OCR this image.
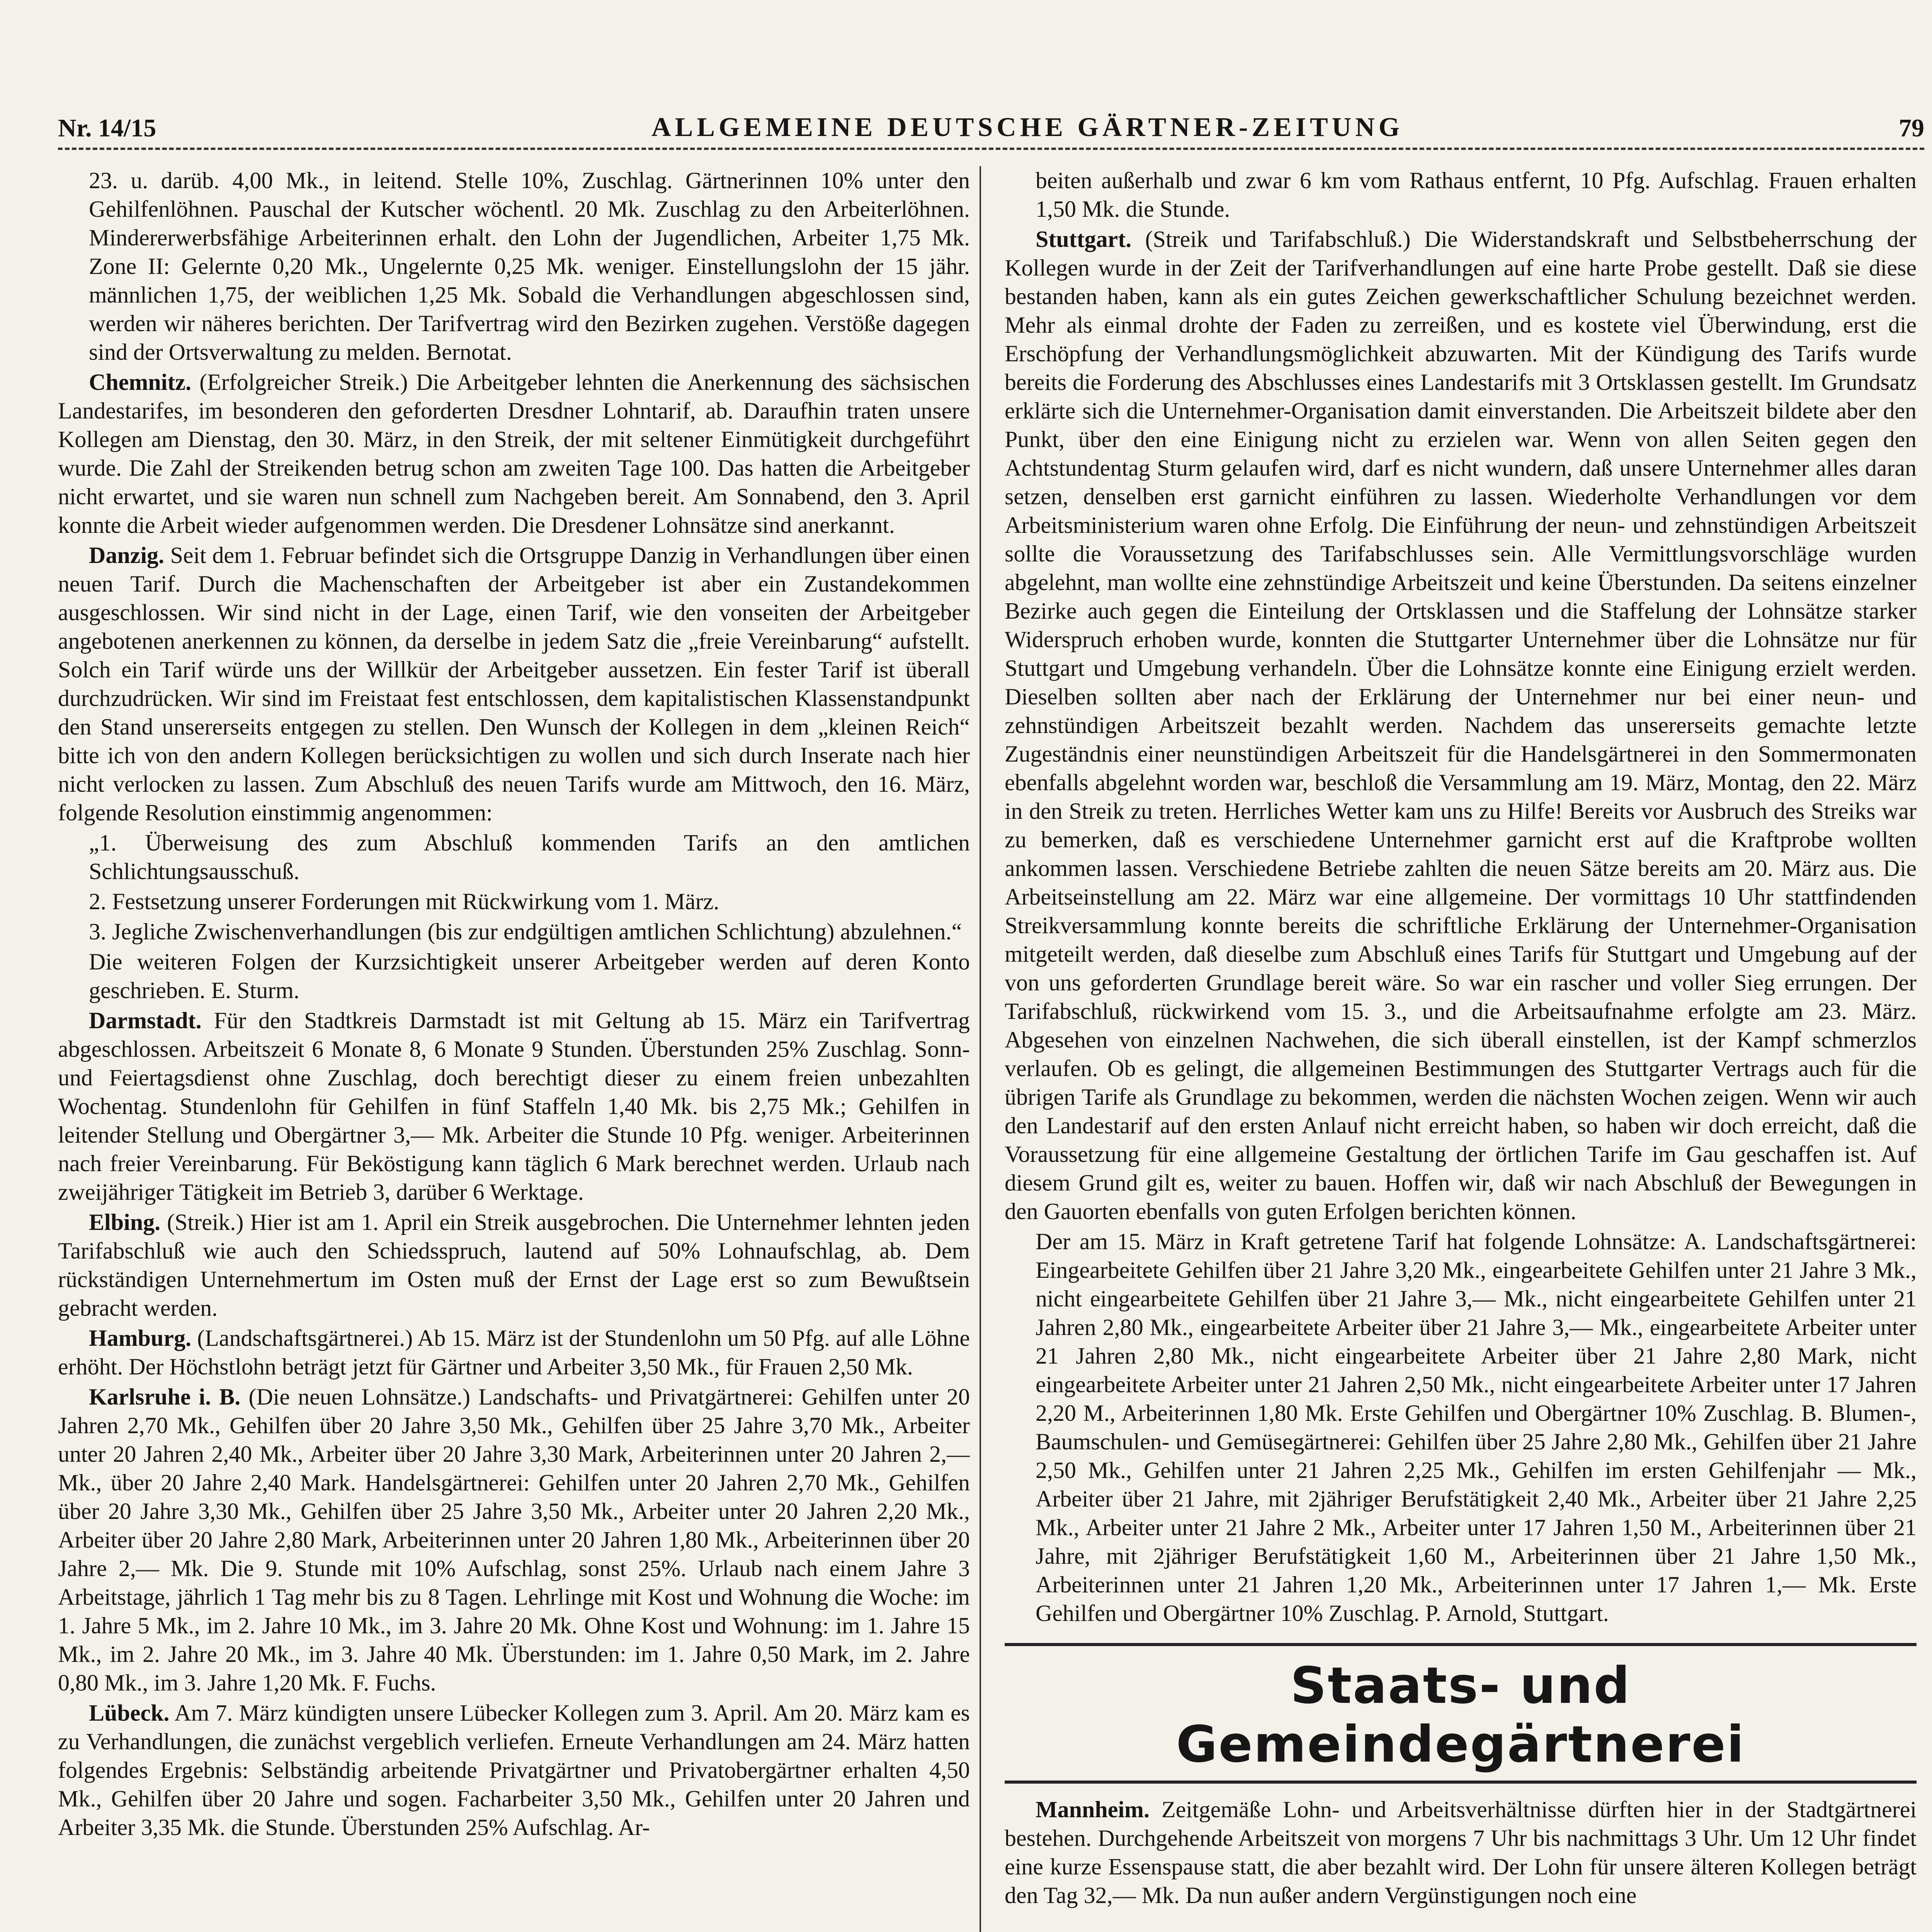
Nr. 14/15	ALLGEMEINE DEUTSCHE GÄRTNER-ZEITUNG	79

23. u. darüb. 4,00 Mk., in leitend. Stelle 10%, Zuschlag. Gärtnerinnen 10% unter den Gehilfenlöhnen. Pauschal der Kutscher wöchentl. 20 Mk. Zuschlag zu den Arbeiterlöhnen. Mindererwerbsfähige Arbeiterinnen erhalt. den Lohn der Jugendlichen, Arbeiter 1,75 Mk. Zone II: Gelernte 0,20 Mk., Ungelernte 0,25 Mk. weniger. Einstellungslohn der 15 jähr. männlichen 1,75, der weiblichen 1,25 Mk. Sobald die Verhandlungen abgeschlossen sind, werden wir näheres berichten. Der Tarifvertrag wird den Bezirken zugehen. Verstöße dagegen sind der Ortsverwaltung zu melden. Bernotat.

Chemnitz. (Erfolgreicher Streik.) Die Arbeitgeber lehnten die Anerkennung des sächsischen Landestarifes, im besonderen den geforderten Dresdner Lohntarif, ab. Daraufhin traten unsere Kollegen am Dienstag, den 30. März, in den Streik, der mit seltener Einmütigkeit durchgeführt wurde. Die Zahl der Streikenden betrug schon am zweiten Tage 100. Das hatten die Arbeitgeber nicht erwartet, und sie waren nun schnell zum Nachgeben bereit. Am Sonnabend, den 3. April konnte die Arbeit wieder aufgenommen werden. Die Dresdener Lohnsätze sind anerkannt.

Danzig. Seit dem 1. Februar befindet sich die Ortsgruppe Danzig in Verhandlungen über einen neuen Tarif. Durch die Machenschaften der Arbeitgeber ist aber ein Zustandekommen ausgeschlossen. Wir sind nicht in der Lage, einen Tarif, wie den vonseiten der Arbeitgeber angebotenen anerkennen zu können, da derselbe in jedem Satz die „freie Vereinbarung“ aufstellt. Solch ein Tarif würde uns der Willkür der Arbeitgeber aussetzen. Ein fester Tarif ist überall durchzudrücken. Wir sind im Freistaat fest entschlossen, dem kapitalistischen Klassenstandpunkt den Stand unsererseits entgegen zu stellen. Den Wunsch der Kollegen in dem „kleinen Reich“ bitte ich von den andern Kollegen berücksichtigen zu wollen und sich durch Inserate nach hier nicht verlocken zu lassen. Zum Abschluß des neuen Tarifs wurde am Mittwoch, den 16. März, folgende Resolution einstimmig angenommen:

„1. Überweisung des zum Abschluß kommenden Tarifs an den amtlichen Schlichtungsausschuß.

2. Festsetzung unserer Forderungen mit Rückwirkung vom 1. März.

3. Jegliche Zwischenverhandlungen (bis zur endgültigen amtlichen Schlichtung) abzulehnen.“

Die weiteren Folgen der Kurzsichtigkeit unserer Arbeitgeber werden auf deren Konto geschrieben. E. Sturm.

Darmstadt. Für den Stadtkreis Darmstadt ist mit Geltung ab 15. März ein Tarifvertrag abgeschlossen. Arbeitszeit 6 Monate 8, 6 Monate 9 Stunden. Überstunden 25% Zuschlag. Sonn- und Feiertagsdienst ohne Zuschlag, doch berechtigt dieser zu einem freien unbezahlten Wochentag. Stundenlohn für Gehilfen in fünf Staffeln 1,40 Mk. bis 2,75 Mk.; Gehilfen in leitender Stellung und Obergärtner 3,— Mk. Arbeiter die Stunde 10 Pfg. weniger. Arbeiterinnen nach freier Vereinbarung. Für Beköstigung kann täglich 6 Mark berechnet werden. Urlaub nach zweijähriger Tätigkeit im Betrieb 3, darüber 6 Werktage.

Elbing. (Streik.) Hier ist am 1. April ein Streik ausgebrochen. Die Unternehmer lehnten jeden Tarifabschluß wie auch den Schiedsspruch, lautend auf 50% Lohnaufschlag, ab. Dem rückständigen Unternehmertum im Osten muß der Ernst der Lage erst so zum Bewußtsein gebracht werden.

Hamburg. (Landschaftsgärtnerei.) Ab 15. März ist der Stundenlohn um 50 Pfg. auf alle Löhne erhöht. Der Höchstlohn beträgt jetzt für Gärtner und Arbeiter 3,50 Mk., für Frauen 2,50 Mk.

Karlsruhe i. B. (Die neuen Lohnsätze.) Landschafts- und Privatgärtnerei: Gehilfen unter 20 Jahren 2,70 Mk., Gehilfen über 20 Jahre 3,50 Mk., Gehilfen über 25 Jahre 3,70 Mk., Arbeiter unter 20 Jahren 2,40 Mk., Arbeiter über 20 Jahre 3,30 Mark, Arbeiterinnen unter 20 Jahren 2,— Mk., über 20 Jahre 2,40 Mark. Handelsgärtnerei: Gehilfen unter 20 Jahren 2,70 Mk., Gehilfen über 20 Jahre 3,30 Mk., Gehilfen über 25 Jahre 3,50 Mk., Arbeiter unter 20 Jahren 2,20 Mk., Arbeiter über 20 Jahre 2,80 Mark, Arbeiterinnen unter 20 Jahren 1,80 Mk., Arbeiterinnen über 20 Jahre 2,— Mk. Die 9. Stunde mit 10% Aufschlag, sonst 25%. Urlaub nach einem Jahre 3 Arbeitstage, jährlich 1 Tag mehr bis zu 8 Tagen. Lehrlinge mit Kost und Wohnung die Woche: im 1. Jahre 5 Mk., im 2. Jahre 10 Mk., im 3. Jahre 20 Mk. Ohne Kost und Wohnung: im 1. Jahre 15 Mk., im 2. Jahre 20 Mk., im 3. Jahre 40 Mk. Überstunden: im 1. Jahre 0,50 Mark, im 2. Jahre 0,80 Mk., im 3. Jahre 1,20 Mk. F. Fuchs.

Lübeck. Am 7. März kündigten unsere Lübecker Kollegen zum 3. April. Am 20. März kam es zu Verhandlungen, die zunächst vergeblich verliefen. Erneute Verhandlungen am 24. März hatten folgendes Ergebnis: Selbständig arbeitende Privatgärtner und Privatobergärtner erhalten 4,50 Mk., Gehilfen über 20 Jahre und sogen. Facharbeiter 3,50 Mk., Gehilfen unter 20 Jahren und Arbeiter 3,35 Mk. die Stunde. Überstunden 25% Aufschlag. Ar-

beiten außerhalb und zwar 6 km vom Rathaus entfernt, 10 Pfg. Aufschlag. Frauen erhalten 1,50 Mk. die Stunde.

Stuttgart. (Streik und Tarifabschluß.) Die Widerstandskraft und Selbstbeherrschung der Kollegen wurde in der Zeit der Tarifverhandlungen auf eine harte Probe gestellt. Daß sie diese bestanden haben, kann als ein gutes Zeichen gewerkschaftlicher Schulung bezeichnet werden. Mehr als einmal drohte der Faden zu zerreißen, und es kostete viel Überwindung, erst die Erschöpfung der Verhandlungsmöglichkeit abzuwarten. Mit der Kündigung des Tarifs wurde bereits die Forderung des Abschlusses eines Landestarifs mit 3 Ortsklassen gestellt. Im Grundsatz erklärte sich die Unternehmer-Organisation damit einverstanden. Die Arbeitszeit bildete aber den Punkt, über den eine Einigung nicht zu erzielen war. Wenn von allen Seiten gegen den Achtstundentag Sturm gelaufen wird, darf es nicht wundern, daß unsere Unternehmer alles daran setzen, denselben erst garnicht einführen zu lassen. Wiederholte Verhandlungen vor dem Arbeitsministerium waren ohne Erfolg. Die Einführung der neun- und zehnstündigen Arbeitszeit sollte die Voraussetzung des Tarifabschlusses sein. Alle Vermittlungsvorschläge wurden abgelehnt, man wollte eine zehnstündige Arbeitszeit und keine Überstunden. Da seitens einzelner Bezirke auch gegen die Einteilung der Ortsklassen und die Staffelung der Lohnsätze starker Widerspruch erhoben wurde, konnten die Stuttgarter Unternehmer über die Lohnsätze nur für Stuttgart und Umgebung verhandeln. Über die Lohnsätze konnte eine Einigung erzielt werden. Dieselben sollten aber nach der Erklärung der Unternehmer nur bei einer neun- und zehnstündigen Arbeitszeit bezahlt werden. Nachdem das unsererseits gemachte letzte Zugeständnis einer neunstündigen Arbeitszeit für die Handelsgärtnerei in den Sommermonaten ebenfalls abgelehnt worden war, beschloß die Versammlung am 19. März, Montag, den 22. März in den Streik zu treten. Herrliches Wetter kam uns zu Hilfe! Bereits vor Ausbruch des Streiks war zu bemerken, daß es verschiedene Unternehmer garnicht erst auf die Kraftprobe wollten ankommen lassen. Verschiedene Betriebe zahlten die neuen Sätze bereits am 20. März aus. Die Arbeitseinstellung am 22. März war eine allgemeine. Der vormittags 10 Uhr stattfindenden Streikversammlung konnte bereits die schriftliche Erklärung der Unternehmer-Organisation mitgeteilt werden, daß dieselbe zum Abschluß eines Tarifs für Stuttgart und Umgebung auf der von uns geforderten Grundlage bereit wäre. So war ein rascher und voller Sieg errungen. Der Tarifabschluß, rückwirkend vom 15. 3., und die Arbeitsaufnahme erfolgte am 23. März. Abgesehen von einzelnen Nachwehen, die sich überall einstellen, ist der Kampf schmerzlos verlaufen. Ob es gelingt, die allgemeinen Bestimmungen des Stuttgarter Vertrags auch für die übrigen Tarife als Grundlage zu bekommen, werden die nächsten Wochen zeigen. Wenn wir auch den Landestarif auf den ersten Anlauf nicht erreicht haben, so haben wir doch erreicht, daß die Voraussetzung für eine allgemeine Gestaltung der örtlichen Tarife im Gau geschaffen ist. Auf diesem Grund gilt es, weiter zu bauen. Hoffen wir, daß wir nach Abschluß der Bewegungen in den Gauorten ebenfalls von guten Erfolgen berichten können.

Der am 15. März in Kraft getretene Tarif hat folgende Lohnsätze: A. Landschaftsgärtnerei: Eingearbeitete Gehilfen über 21 Jahre 3,20 Mk., eingearbeitete Gehilfen unter 21 Jahre 3 Mk., nicht eingearbeitete Gehilfen über 21 Jahre 3,— Mk., nicht eingearbeitete Gehilfen unter 21 Jahren 2,80 Mk., eingearbeitete Arbeiter über 21 Jahre 3,— Mk., eingearbeitete Arbeiter unter 21 Jahren 2,80 Mk., nicht eingearbeitete Arbeiter über 21 Jahre 2,80 Mark, nicht eingearbeitete Arbeiter unter 21 Jahren 2,50 Mk., nicht eingearbeitete Arbeiter unter 17 Jahren 2,20 M., Arbeiterinnen 1,80 Mk. Erste Gehilfen und Obergärtner 10% Zuschlag. B. Blumen-, Baumschulen- und Gemüsegärtnerei: Gehilfen über 25 Jahre 2,80 Mk., Gehilfen über 21 Jahre 2,50 Mk., Gehilfen unter 21 Jahren 2,25 Mk., Gehilfen im ersten Gehilfenjahr — Mk., Arbeiter über 21 Jahre, mit 2jähriger Berufstätigkeit 2,40 Mk., Arbeiter über 21 Jahre 2,25 Mk., Arbeiter unter 21 Jahre 2 Mk., Arbeiter unter 17 Jahren 1,50 M., Arbeiterinnen über 21 Jahre, mit 2jähriger Berufstätigkeit 1,60 M., Arbeiterinnen über 21 Jahre 1,50 Mk., Arbeiterinnen unter 21 Jahren 1,20 Mk., Arbeiterinnen unter 17 Jahren 1,— Mk. Erste Gehilfen und Obergärtner 10% Zuschlag. P. Arnold, Stuttgart.

Staats- und Gemeindegärtnerei

Mannheim. Zeitgemäße Lohn- und Arbeitsverhältnisse dürften hier in der Stadtgärtnerei bestehen. Durchgehende Arbeitszeit von morgens 7 Uhr bis nachmittags 3 Uhr. Um 12 Uhr findet eine kurze Essenspause statt, die aber bezahlt wird. Der Lohn für unsere älteren Kollegen beträgt den Tag 32,— Mk. Da nun außer andern Vergünstigungen noch eine
